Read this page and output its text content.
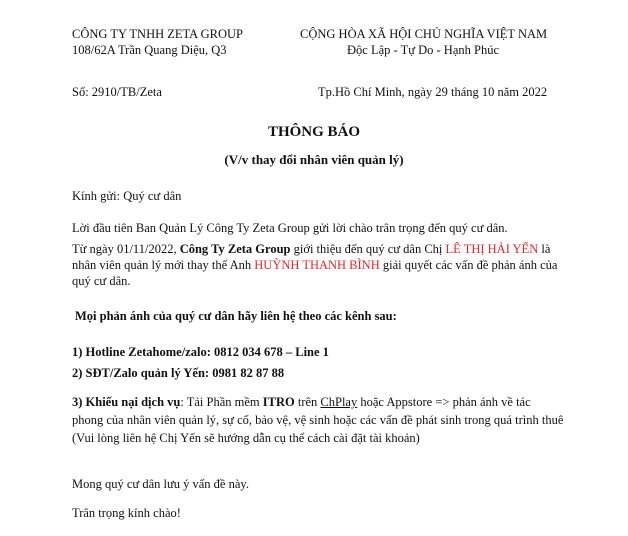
CÔNG TY TNHH ZETA GROUP
108/62A Trần Quang Diệu, Q3
CỘNG HÒA XÃ HỘI CHỦ NGHĨA VIỆT NAM
Độc Lập - Tự Do - Hạnh Phúc
Số: 2910/TB/Zeta	Tp.Hồ Chí Minh, ngày 29 tháng 10 năm 2022
THÔNG BÁO
(V/v thay đổi nhân viên quản lý)
Kính gửi: Quý cư dân
Lời đầu tiên Ban Quản Lý Công Ty Zeta Group gửi lời chào trân trọng đến quý cư dân.
Từ ngày 01/11/2022, Công Ty Zeta Group giới thiệu đến quý cư dân Chị LÊ THỊ HẢI YẾN là nhân viên quản lý mới thay thế Anh HUỲNH THANH BÌNH giải quyết các vấn đề phản ánh của quý cư dân.
Mọi phản ánh của quý cư dân hãy liên hệ theo các kênh sau:
1) Hotline Zetahome/zalo: 0812 034 678 – Line 1
2) SĐT/Zalo quản lý Yến: 0981 82 87 88
3) Khiếu nại dịch vụ: Tải Phần mềm ITRO trên ChPlay hoặc Appstore => phản ánh về tác phong của nhân viên quản lý, sự cố, bảo vệ, vệ sinh hoặc các vấn đề phát sinh trong quá trình thuê (Vui lòng liên hệ Chị Yến sẽ hướng dẫn cụ thể cách cài đặt tài khoản)
Mong quý cư dân lưu ý vấn đề này.
Trân trọng kính chào!
